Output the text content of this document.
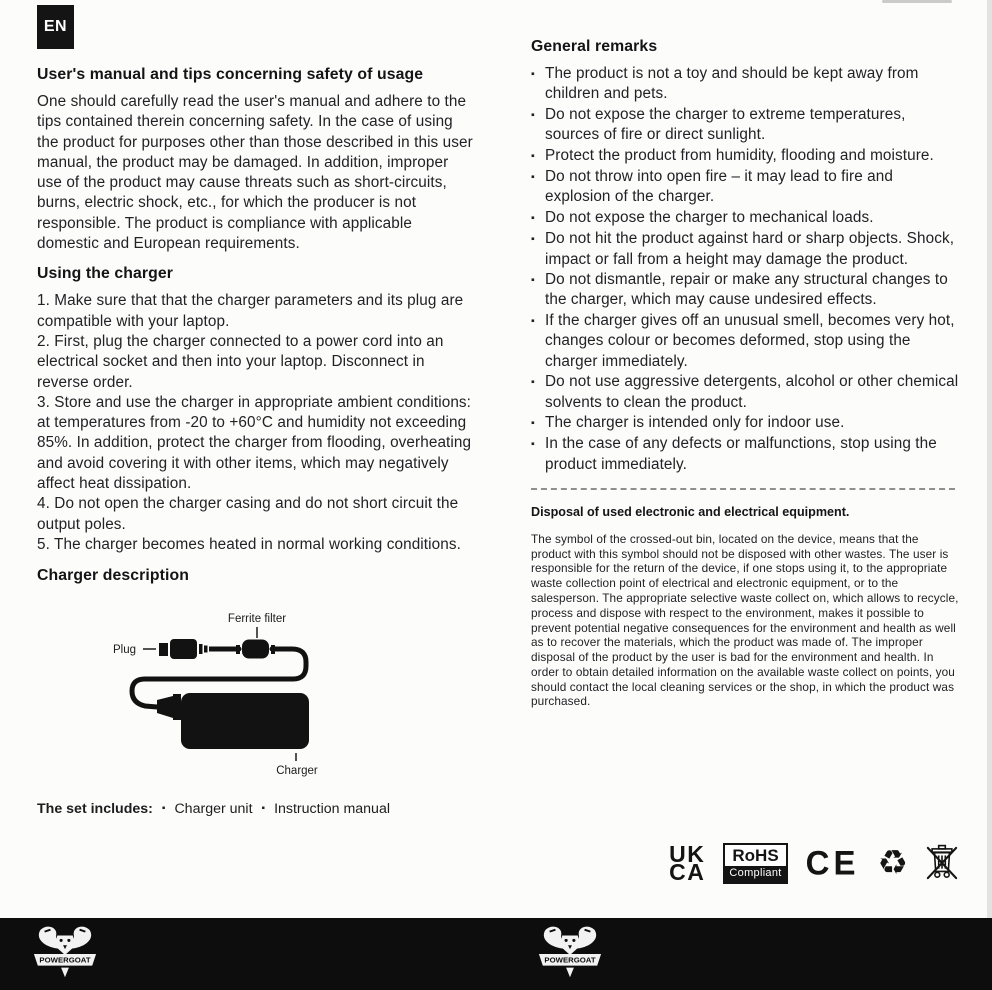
EN
User's manual and tips concerning safety of usage

One should carefully read the user's manual and adhere to the tips contained therein concerning safety. In the case of using the product for purposes other than those described in this user manual, the product may be damaged. In addition, improper use of the product may cause threats such as short-circuits, burns, electric shock, etc., for which the producer is not responsible. The product is compliance with applicable domestic and European requirements.

Using the charger

1. Make sure that that the charger parameters and its plug are compatible with your laptop.

2. First, plug the charger connected to a power cord into an electrical socket and then into your laptop. Disconnect in reverse order.

3. Store and use the charger in appropriate ambient conditions: at temperatures from -20 to +60°C and humidity not exceeding 85%. In addition, protect the charger from flooding, overheating and avoid covering it with other items, which may negatively affect heat dissipation.

4. Do not open the charger casing and do not short circuit the output poles.

5. The charger becomes heated in normal working conditions.

Charger description
Ferrite filter
Plug
Charger
The set includes: ▪ Charger unit ▪ Instruction manual
General remarks
▪
The product is not a toy and should be kept away from children and pets.
▪
Do not expose the charger to extreme temperatures, sources of fire or direct sunlight.
▪
Protect the product from humidity, flooding and moisture.
▪
Do not throw into open fire – it may lead to fire and explosion of the charger.
▪
Do not expose the charger to mechanical loads.
▪
Do not hit the product against hard or sharp objects. Shock, impact or fall from a height may damage the product.
▪
Do not dismantle, repair or make any structural changes to the charger, which may cause undesired effects.
▪
If the charger gives off an unusual smell, becomes very hot, changes colour or becomes deformed, stop using the charger immediately.
▪
Do not use aggressive detergents, alcohol or other chemical solvents to clean the product.
▪
The charger is intended only for indoor use.
▪
In the case of any defects or malfunctions, stop using the product immediately.
Disposal of used electronic and electrical equipment.

The symbol of the crossed-out bin, located on the device, means that the product with this symbol should not be disposed with other wastes. The user is responsible for the return of the device, if one stops using it, to the appropriate waste collection point of electrical and electronic equipment, or to the salesperson. The appropriate selective waste collect on, which allows to recycle, process and dispose with respect to the environment, makes it possible to prevent potential negative consequences for the environment and health as well as to recover the materials, which the product was made of. The improper disposal of the product by the user is bad for the environment and health. In order to obtain detailed information on the available waste collect on points, you should contact the local cleaning services or the shop, in which the product was purchased.

UK
CA
RoHS
Compliant CE ♻
POWERGOAT	POWERGOAT
